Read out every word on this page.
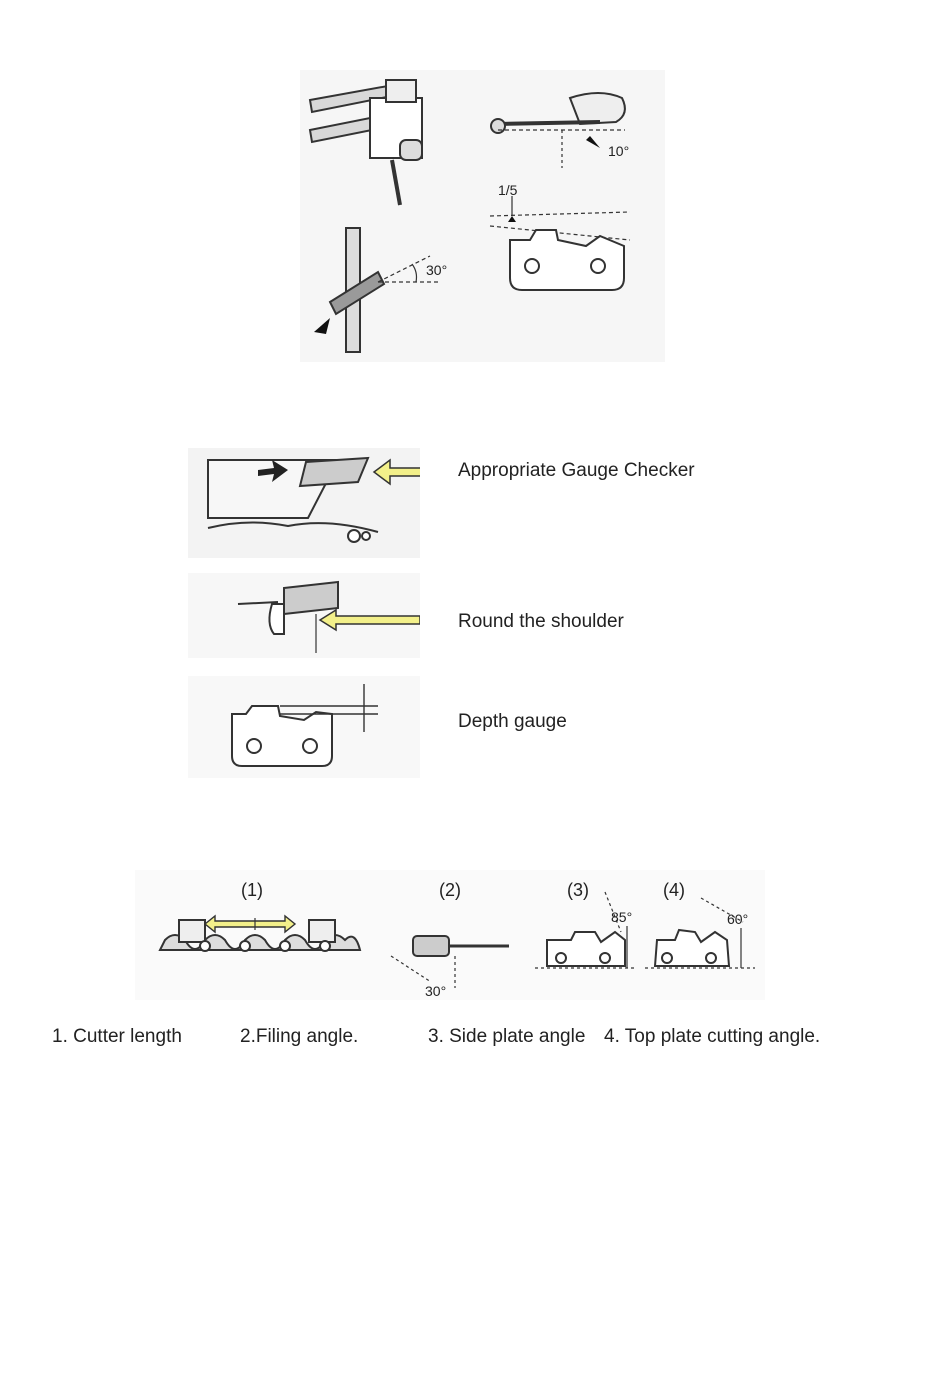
30°
10°
1/5
Appropriate Gauge Checker
Round the shoulder
Depth gauge
(1)	(2)	(3)	(4)
30°
85°	60°
1. Cutter length	2.Filing angle.	3. Side plate angle 4. Top plate cutting angle.
